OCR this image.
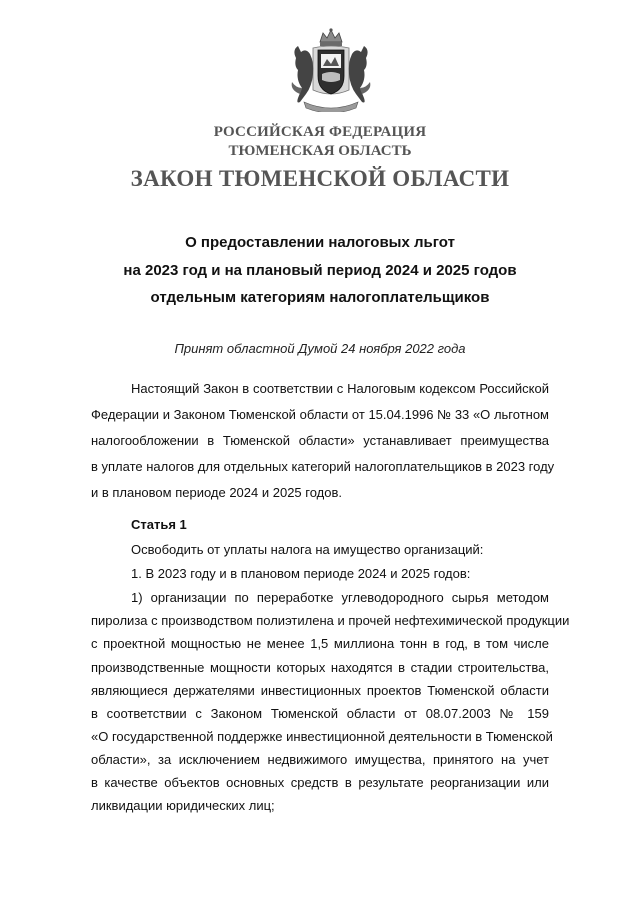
РОССИЙСКАЯ ФЕДЕРАЦИЯ
ТЮМЕНСКАЯ ОБЛАСТЬ
ЗАКОН ТЮМЕНСКОЙ ОБЛАСТИ
О предоставлении налоговых льгот
на 2023 год и на плановый период 2024 и 2025 годов
отдельным категориям налогоплательщиков
Принят областной Думой 24 ноября 2022 года
Настоящий Закон в соответствии с Налоговым кодексом Российской
Федерации и Законом Тюменской области от 15.04.1996 № 33 «О льготном
налогообложении в Тюменской области» устанавливает преимущества
в уплате налогов для отдельных категорий налогоплательщиков в 2023 году
и в плановом периоде 2024 и 2025 годов.
Статья 1
Освободить от уплаты налога на имущество организаций:
1. В 2023 году и в плановом периоде 2024 и 2025 годов:
1) организации по переработке углеводородного сырья методом
пиролиза с производством полиэтилена и прочей нефтехимической продукции
с проектной мощностью не менее 1,5 миллиона тонн в год, в том числе
производственные мощности которых находятся в стадии строительства,
являющиеся держателями инвестиционных проектов Тюменской области
в соответствии с Законом Тюменской области от 08.07.2003 № 159
«О государственной поддержке инвестиционной деятельности в Тюменской
области», за исключением недвижимого имущества, принятого на учет
в качестве объектов основных средств в результате реорганизации или
ликвидации юридических лиц;
